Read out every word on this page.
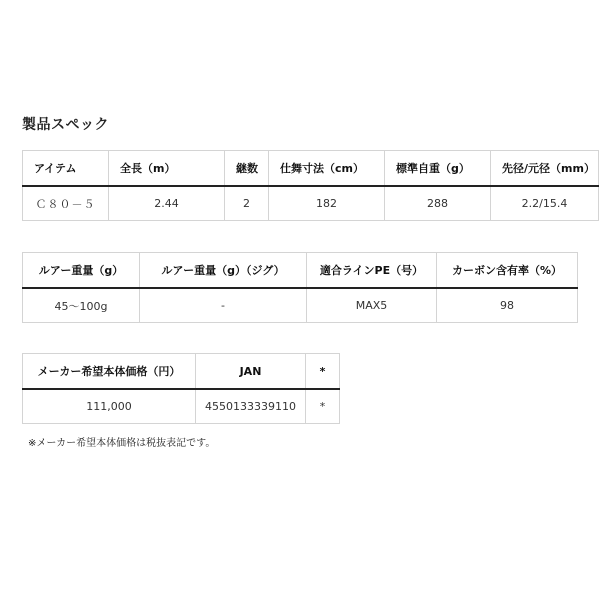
製品スペック
アイテム	全長（m）	継数	仕舞寸法（cm）	標準自重（g）	先径/元径（mm）
Ｃ８０－５	2.44	2	182	288	2.2/15.4
ルアー重量（g）	ルアー重量（g）（ジグ）	適合ラインPE（号）	カーボン含有率（%）
45～100g	-	MAX5	98
メーカー希望本体価格（円）	JAN	*
111,000	4550133339110	*
※メーカー希望本体価格は税抜表記です。
